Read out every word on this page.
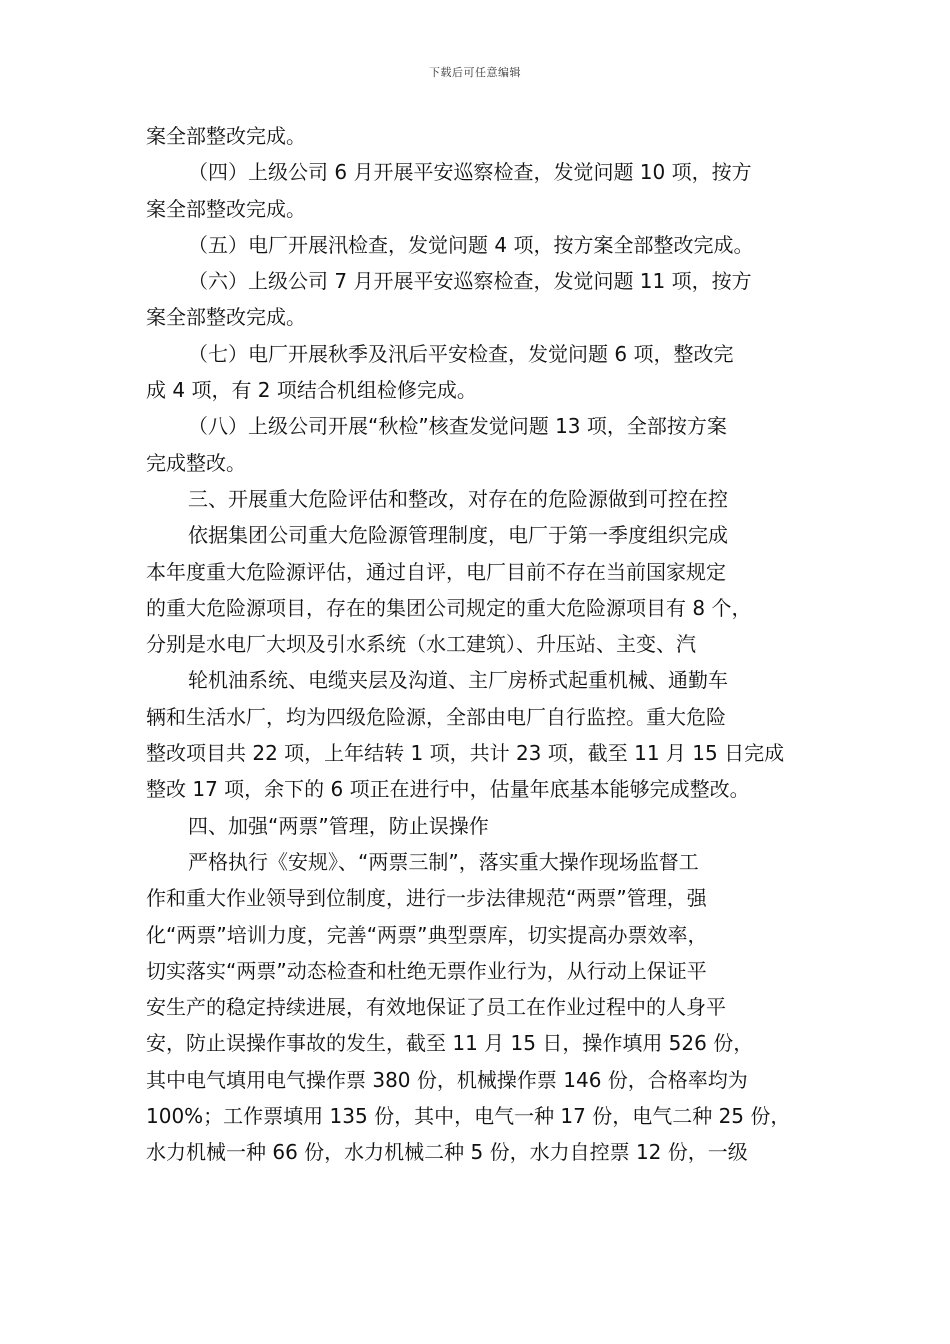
下载后可任意编辑
案全部整改完成。
（四）上级公司 6 月开展平安巡察检查，发觉问题 10 项，按方
案全部整改完成。
（五）电厂开展汛检查，发觉问题 4 项，按方案全部整改完成。
（六）上级公司 7 月开展平安巡察检查，发觉问题 11 项，按方
案全部整改完成。
（七）电厂开展秋季及汛后平安检查，发觉问题 6 项，整改完
成 4 项，有 2 项结合机组检修完成。
（八）上级公司开展“秋检”核查发觉问题 13 项，全部按方案
完成整改。
三、开展重大危险评估和整改，对存在的危险源做到可控在控
依据集团公司重大危险源管理制度，电厂于第一季度组织完成
本年度重大危险源评估，通过自评，电厂目前不存在当前国家规定
的重大危险源项目，存在的集团公司规定的重大危险源项目有 8 个，
分别是水电厂大坝及引水系统（水工建筑）、升压站、主变、汽
轮机油系统、电缆夹层及沟道、主厂房桥式起重机械、通勤车
辆和生活水厂，均为四级危险源，全部由电厂自行监控。重大危险
整改项目共 22 项，上年结转 1 项，共计 23 项，截至 11 月 15 日完成
整改 17 项，余下的 6 项正在进行中，估量年底基本能够完成整改。
四、加强“两票”管理，防止误操作
严格执行《安规》、“两票三制”，落实重大操作现场监督工
作和重大作业领导到位制度，进行一步法律规范“两票”管理，强
化“两票”培训力度，完善“两票”典型票库，切实提高办票效率，
切实落实“两票”动态检查和杜绝无票作业行为，从行动上保证平
安生产的稳定持续进展，有效地保证了员工在作业过程中的人身平
安，防止误操作事故的发生，截至 11 月 15 日，操作填用 526 份，
其中电气填用电气操作票 380 份，机械操作票 146 份，合格率均为
100%；工作票填用 135 份，其中，电气一种 17 份，电气二种 25 份，
水力机械一种 66 份，水力机械二种 5 份，水力自控票 12 份，一级
